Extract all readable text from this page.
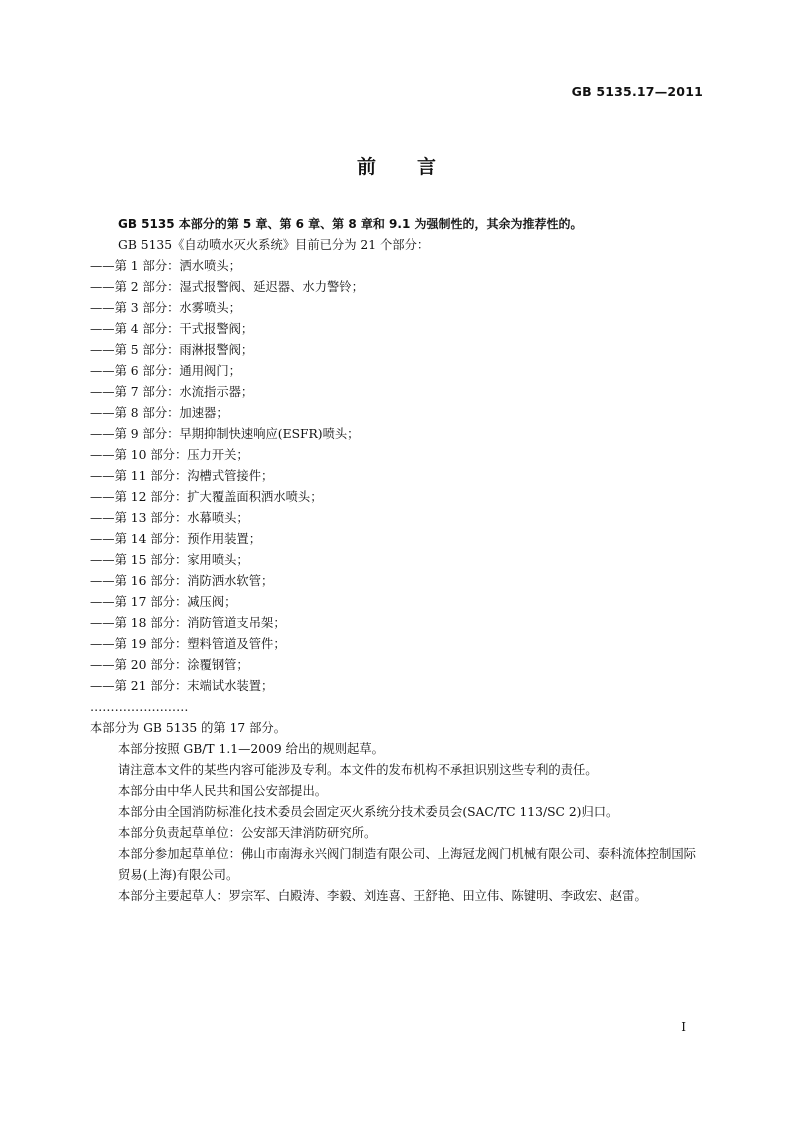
GB 5135.17—2011
前 言
GB 5135 本部分的第 5 章、第 6 章、第 8 章和 9.1 为强制性的，其余为推荐性的。
GB 5135《自动喷水灭火系统》目前已分为 21 个部分：
——第 1 部分：洒水喷头；
——第 2 部分：湿式报警阀、延迟器、水力警铃；
——第 3 部分：水雾喷头；
——第 4 部分：干式报警阀；
——第 5 部分：雨淋报警阀；
——第 6 部分：通用阀门；
——第 7 部分：水流指示器；
——第 8 部分：加速器；
——第 9 部分：早期抑制快速响应(ESFR)喷头；
——第 10 部分：压力开关；
——第 11 部分：沟槽式管接件；
——第 12 部分：扩大覆盖面积洒水喷头；
——第 13 部分：水幕喷头；
——第 14 部分：预作用装置；
——第 15 部分：家用喷头；
——第 16 部分：消防洒水软管；
——第 17 部分：减压阀；
——第 18 部分：消防管道支吊架；
——第 19 部分：塑料管道及管件；
——第 20 部分：涂覆钢管；
——第 21 部分：末端试水装置；
……………………
本部分为 GB 5135 的第 17 部分。
本部分按照 GB/T 1.1—2009 给出的规则起草。
请注意本文件的某些内容可能涉及专利。本文件的发布机构不承担识别这些专利的责任。
本部分由中华人民共和国公安部提出。
本部分由全国消防标准化技术委员会固定灭火系统分技术委员会(SAC/TC 113/SC 2)归口。
本部分负责起草单位：公安部天津消防研究所。
本部分参加起草单位：佛山市南海永兴阀门制造有限公司、上海冠龙阀门机械有限公司、泰科流体控制国际贸易(上海)有限公司。
本部分主要起草人：罗宗军、白殿涛、李毅、刘连喜、王舒艳、田立伟、陈键明、李政宏、赵雷。
I
